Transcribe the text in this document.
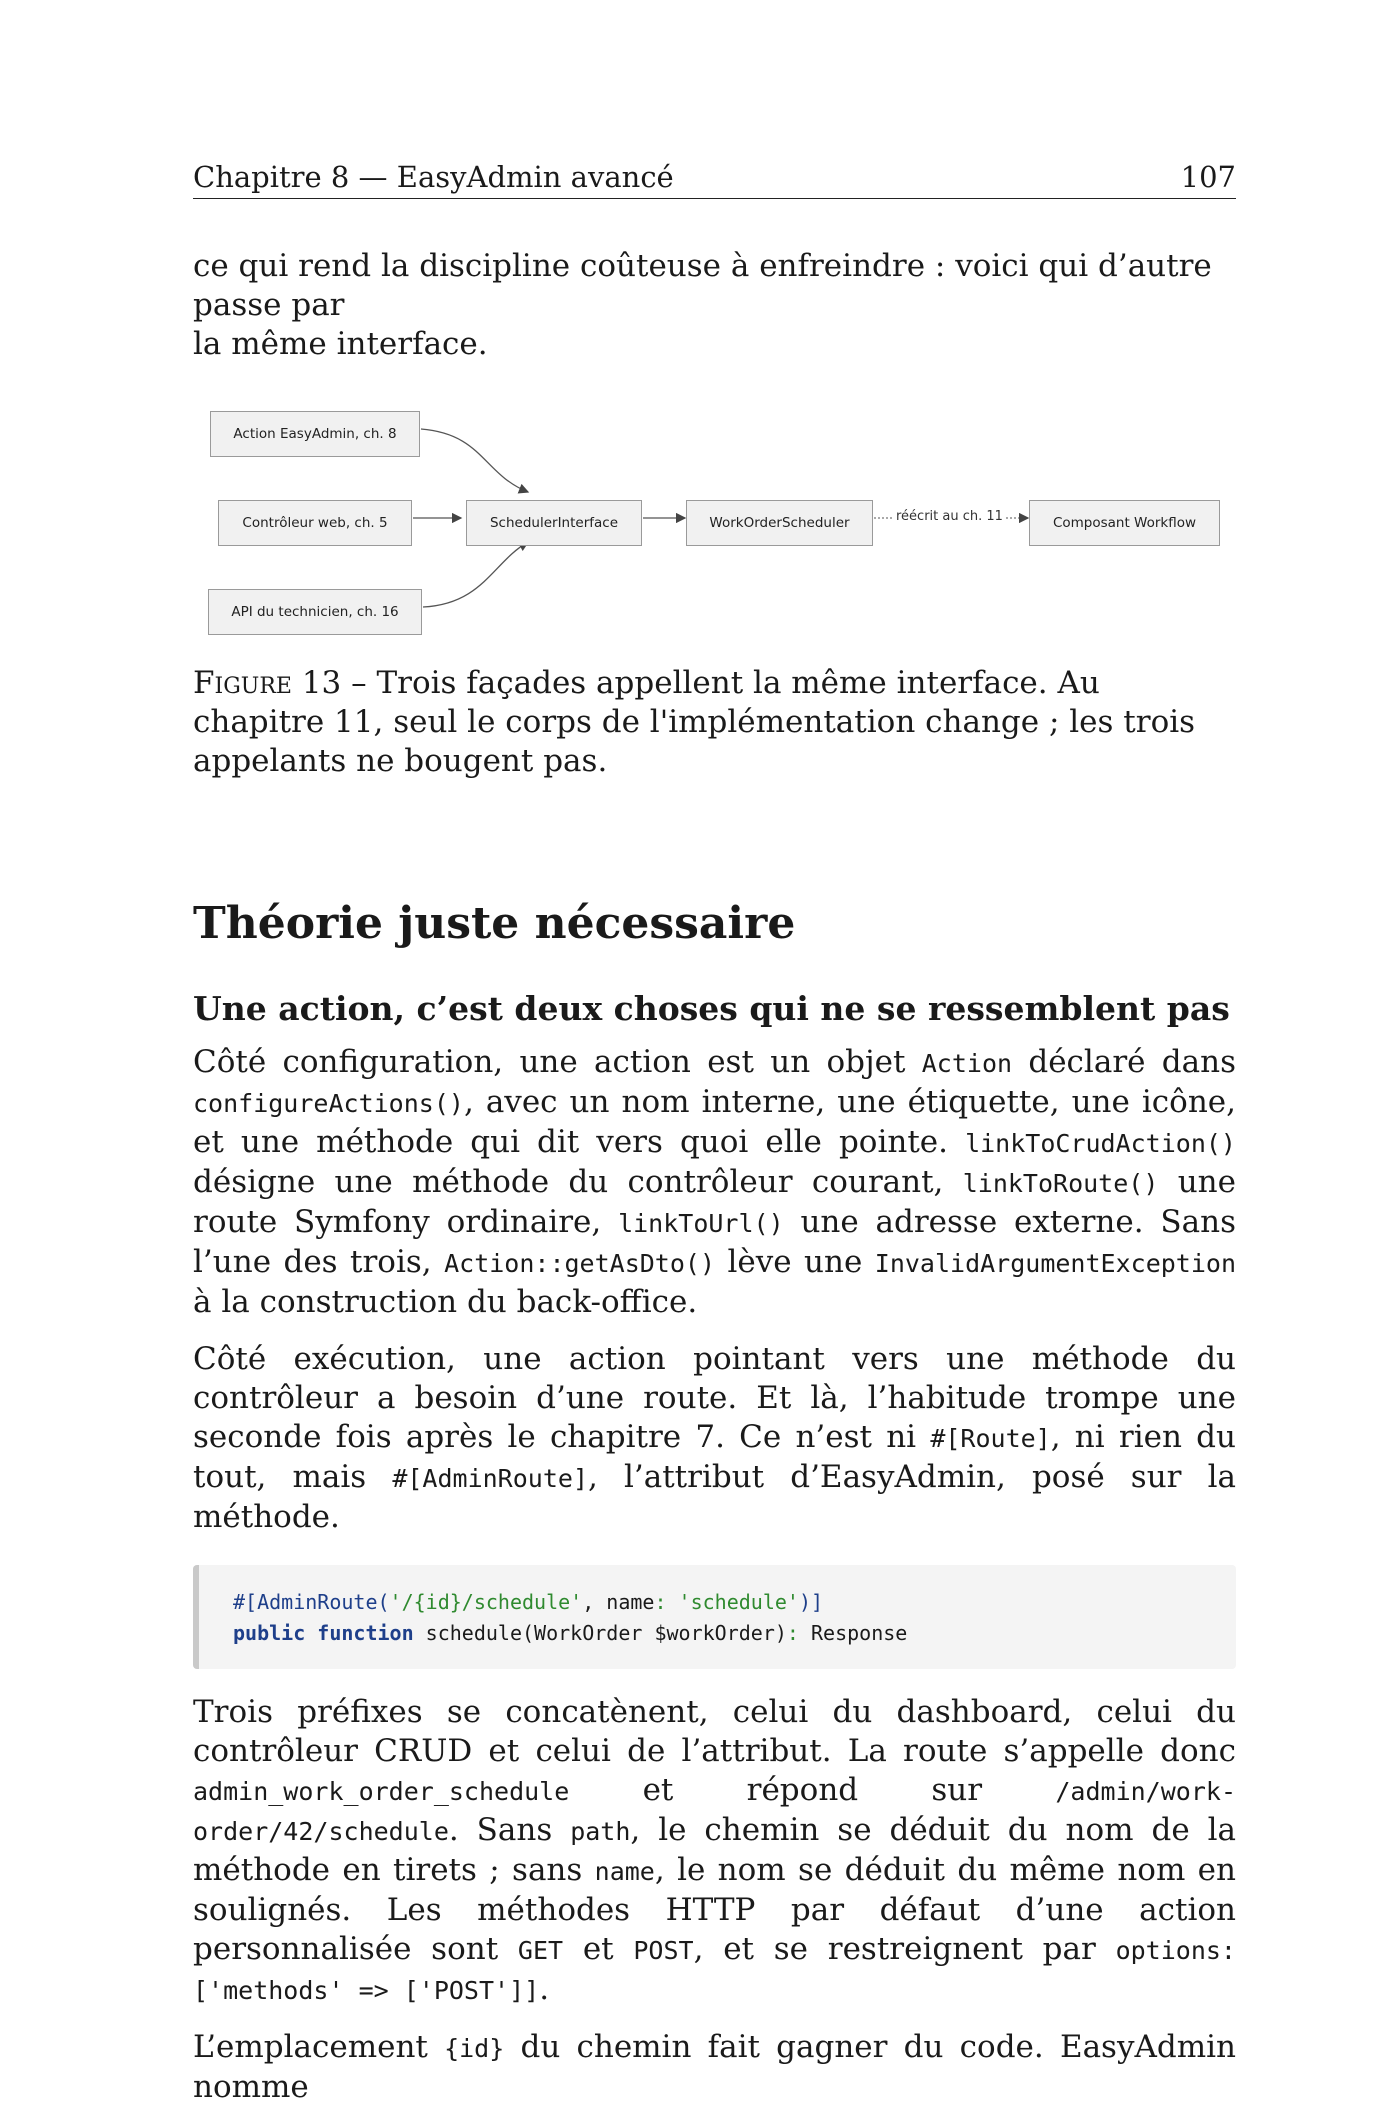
Chapitre 8 — EasyAdmin avancé	107

ce qui rend la discipline coûteuse à enfreindre : voici qui d’autre passe par
la même interface.

Action EasyAdmin, ch. 8
Contrôleur web, ch. 5
API du technicien, ch. 16
SchedulerInterface	WorkOrderScheduler	Composant Workflow
réécrit au ch. 11

Figure 13 – Trois façades appellent la même interface. Au chapitre 11, seul le corps de l'implémentation change ; les trois appelants ne bougent pas.

Théorie juste nécessaire
Une action, c’est deux choses qui ne se ressemblent pas

Côté configuration, une action est un objet Action déclaré dans configureActions(), avec un nom interne, une étiquette, une icône, et une méthode qui dit vers quoi elle pointe. linkToCrudAction() désigne une méthode du contrôleur courant, linkToRoute() une route Symfony ordinaire, linkToUrl() une adresse externe. Sans l’une des trois, Action::getAsDto() lève une InvalidArgumentException à la construction du back-office.

Côté exécution, une action pointant vers une méthode du contrôleur a besoin d’une route. Et là, l’habitude trompe une seconde fois après le chapitre 7. Ce n’est ni #[Route], ni rien du tout, mais #[AdminRoute], l’attribut d’EasyAdmin, posé sur la méthode.

#[AdminRoute('/{id}/schedule', name: 'schedule')]
public function schedule(WorkOrder $workOrder): Response

Trois préfixes se concatènent, celui du dashboard, celui du contrôleur CRUD et celui de l’attribut. La route s’appelle donc admin_work_order_schedule et répond sur /admin/work-order/42/schedule. Sans path, le chemin se déduit du nom de la méthode en tirets ; sans name, le nom se déduit du même nom en soulignés. Les méthodes HTTP par défaut d’une action personnalisée sont GET et POST, et se restreignent par options: ['methods' => ['POST']].

L’emplacement {id} du chemin fait gagner du code. EasyAdmin nomme
